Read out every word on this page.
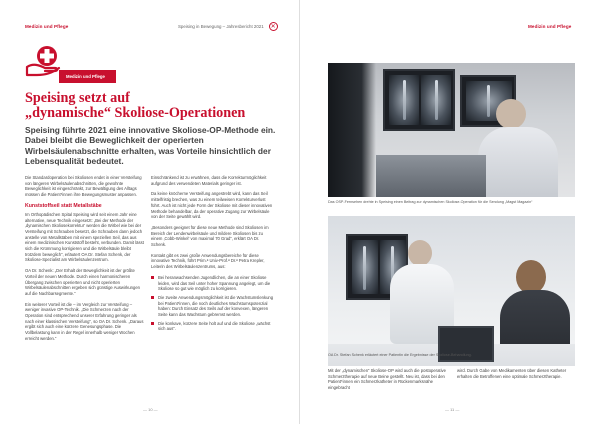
Medizin und Pflege
Medizin und Pflege
Speising setzt auf
„dynamische“ Skoliose-Operationen

Speising führte 2021 eine innovative Skoliose-OP-Methode ein. Dabei bleibt die Beweglichkeit der operierten Wirbelsäulenabschnitte erhalten, was Vorteile hinsichtlich der Lebensqualität bedeutet.

Die Standardoperation bei Skoliosen endet in einer Versteifung von längeren Wirbelsäulenabschnitten, die gewohnte Beweglichkeit ist eingeschränkt, zur Bewältigung des Alltags müssen die Patient*innen ihre Bewegungsmuster anpassen.

Kunststoffseil statt Metallstäbe

Im Orthopädischen Spital Speising wird seit einem Jahr eine alternative, neue Technik eingesetzt: „Bei der Methode der ‚dynamischen Skoliosekorrektur‘ werden die Wirbel wie bei der Versteifung mit Schrauben besetzt, die Schrauben dann jedoch anstelle von Metallstäben mit einem speziellen Seil, das aus einem medizinischen Kunststoff besteht, verbunden. Damit lässt sich die Krümmung korrigieren und die Wirbelsäule bleibt trotzdem beweglich“, erläutert OA Dr. Stefan Schenk, der Skoliose-Spezialist am Wirbelsäulenzentrum.

OA Dr. Schenk: „Der Erhalt der Beweglichkeit ist der größte Vorteil der neuen Methode. Durch einen harmonischeren Übergang zwischen operierten und nicht operierten Wirbelsäulenabschnitten ergeben sich günstige Auswirkungen auf die Nachbarsegmente.“

Ein weiterer Vorteil ist die – im Vergleich zur Versteifung – weniger invasive OP-Technik. „Die Schmerzen nach der Operation sind entsprechend unserer Erfahrung geringer als nach einer klassischen Versteifung“, so OA Dr. Schenk. „Daraus ergibt sich auch eine kürzere Genesungsphase. Die Vollbelastung kann in der Regel innerhalb weniger Wochen erreicht werden.“

Einschränkend ist zu erwähnen, dass die Korrekturmöglichkeit aufgrund des verwendeten Materials geringer ist.

Da keine knöcherne Versteifung angestrebt wird, kann das Seil mittelfristig brechen, was zu einem teilweisen Korrekturverlust führt. Auch ist nicht jede Form der Skoliose mit dieser innovativen Methode behandelbar, da der operative Zugang zur Wirbelsäule von der Seite gewählt wird.

„Besonders geeignet für diese neue Methode sind Skoliosen im Bereich der Lendenwirbelsäule und mildere Skoliosen bis zu einem ‚Cobb-Winkel‘ von maximal 70 Grad“, erklärt OA Dr. Schenk.

Kontakt gibt es zwei große Anwendungsbereiche für diese innovative Technik, führt Prim.ª Univ-Prof.ª Dr.ª Petra Krepler, Leiterin des Wirbelsäulenzentrums, aus:

Bei heranwachsenden Jugendlichen, die an einer Skoliose leiden, wird das Seil unter hoher Spannung angelegt, um die Skoliose so gut wie möglich zu korrigieren.
Die zweite Anwendungsmöglichkeit ist die Wachstumslenkung bei Patient*innen, die noch deutliches Wachstumspotenzial haben: Durch Einsatz des Seils auf der konvexen, längeren Seite kann das Wachstum gebremst werden.
Die konkave, kürzere Seite holt auf und die Skoliose „wächst sich aus“.
— 10 —
Speising in Bewegung – Jahresbericht 2021	✕	Medizin und Pflege
Das OSP-Fernsehen drehte in Speising einen Beitrag zur dynamischen Skoliose-Operation für die Sendung „Magst Magazin“
OA Dr. Stefan Schenk erläutert einer Patientin die Ergebnisse der Skoliose-Behandlung.
Mit der „dynamischen“ Skoliose-OP wird auch die postoperative Schmerztherapie auf neue Beine gestellt. Neu ist, dass bei den Patient*innen ein Schmerzkatheter in Rückenmarksnähe eingebracht
wird. Durch Gabe von Medikamenten über diesen Katheter erhalten die Betroffenen eine optimale Schmerztherapie.
— 11 —
